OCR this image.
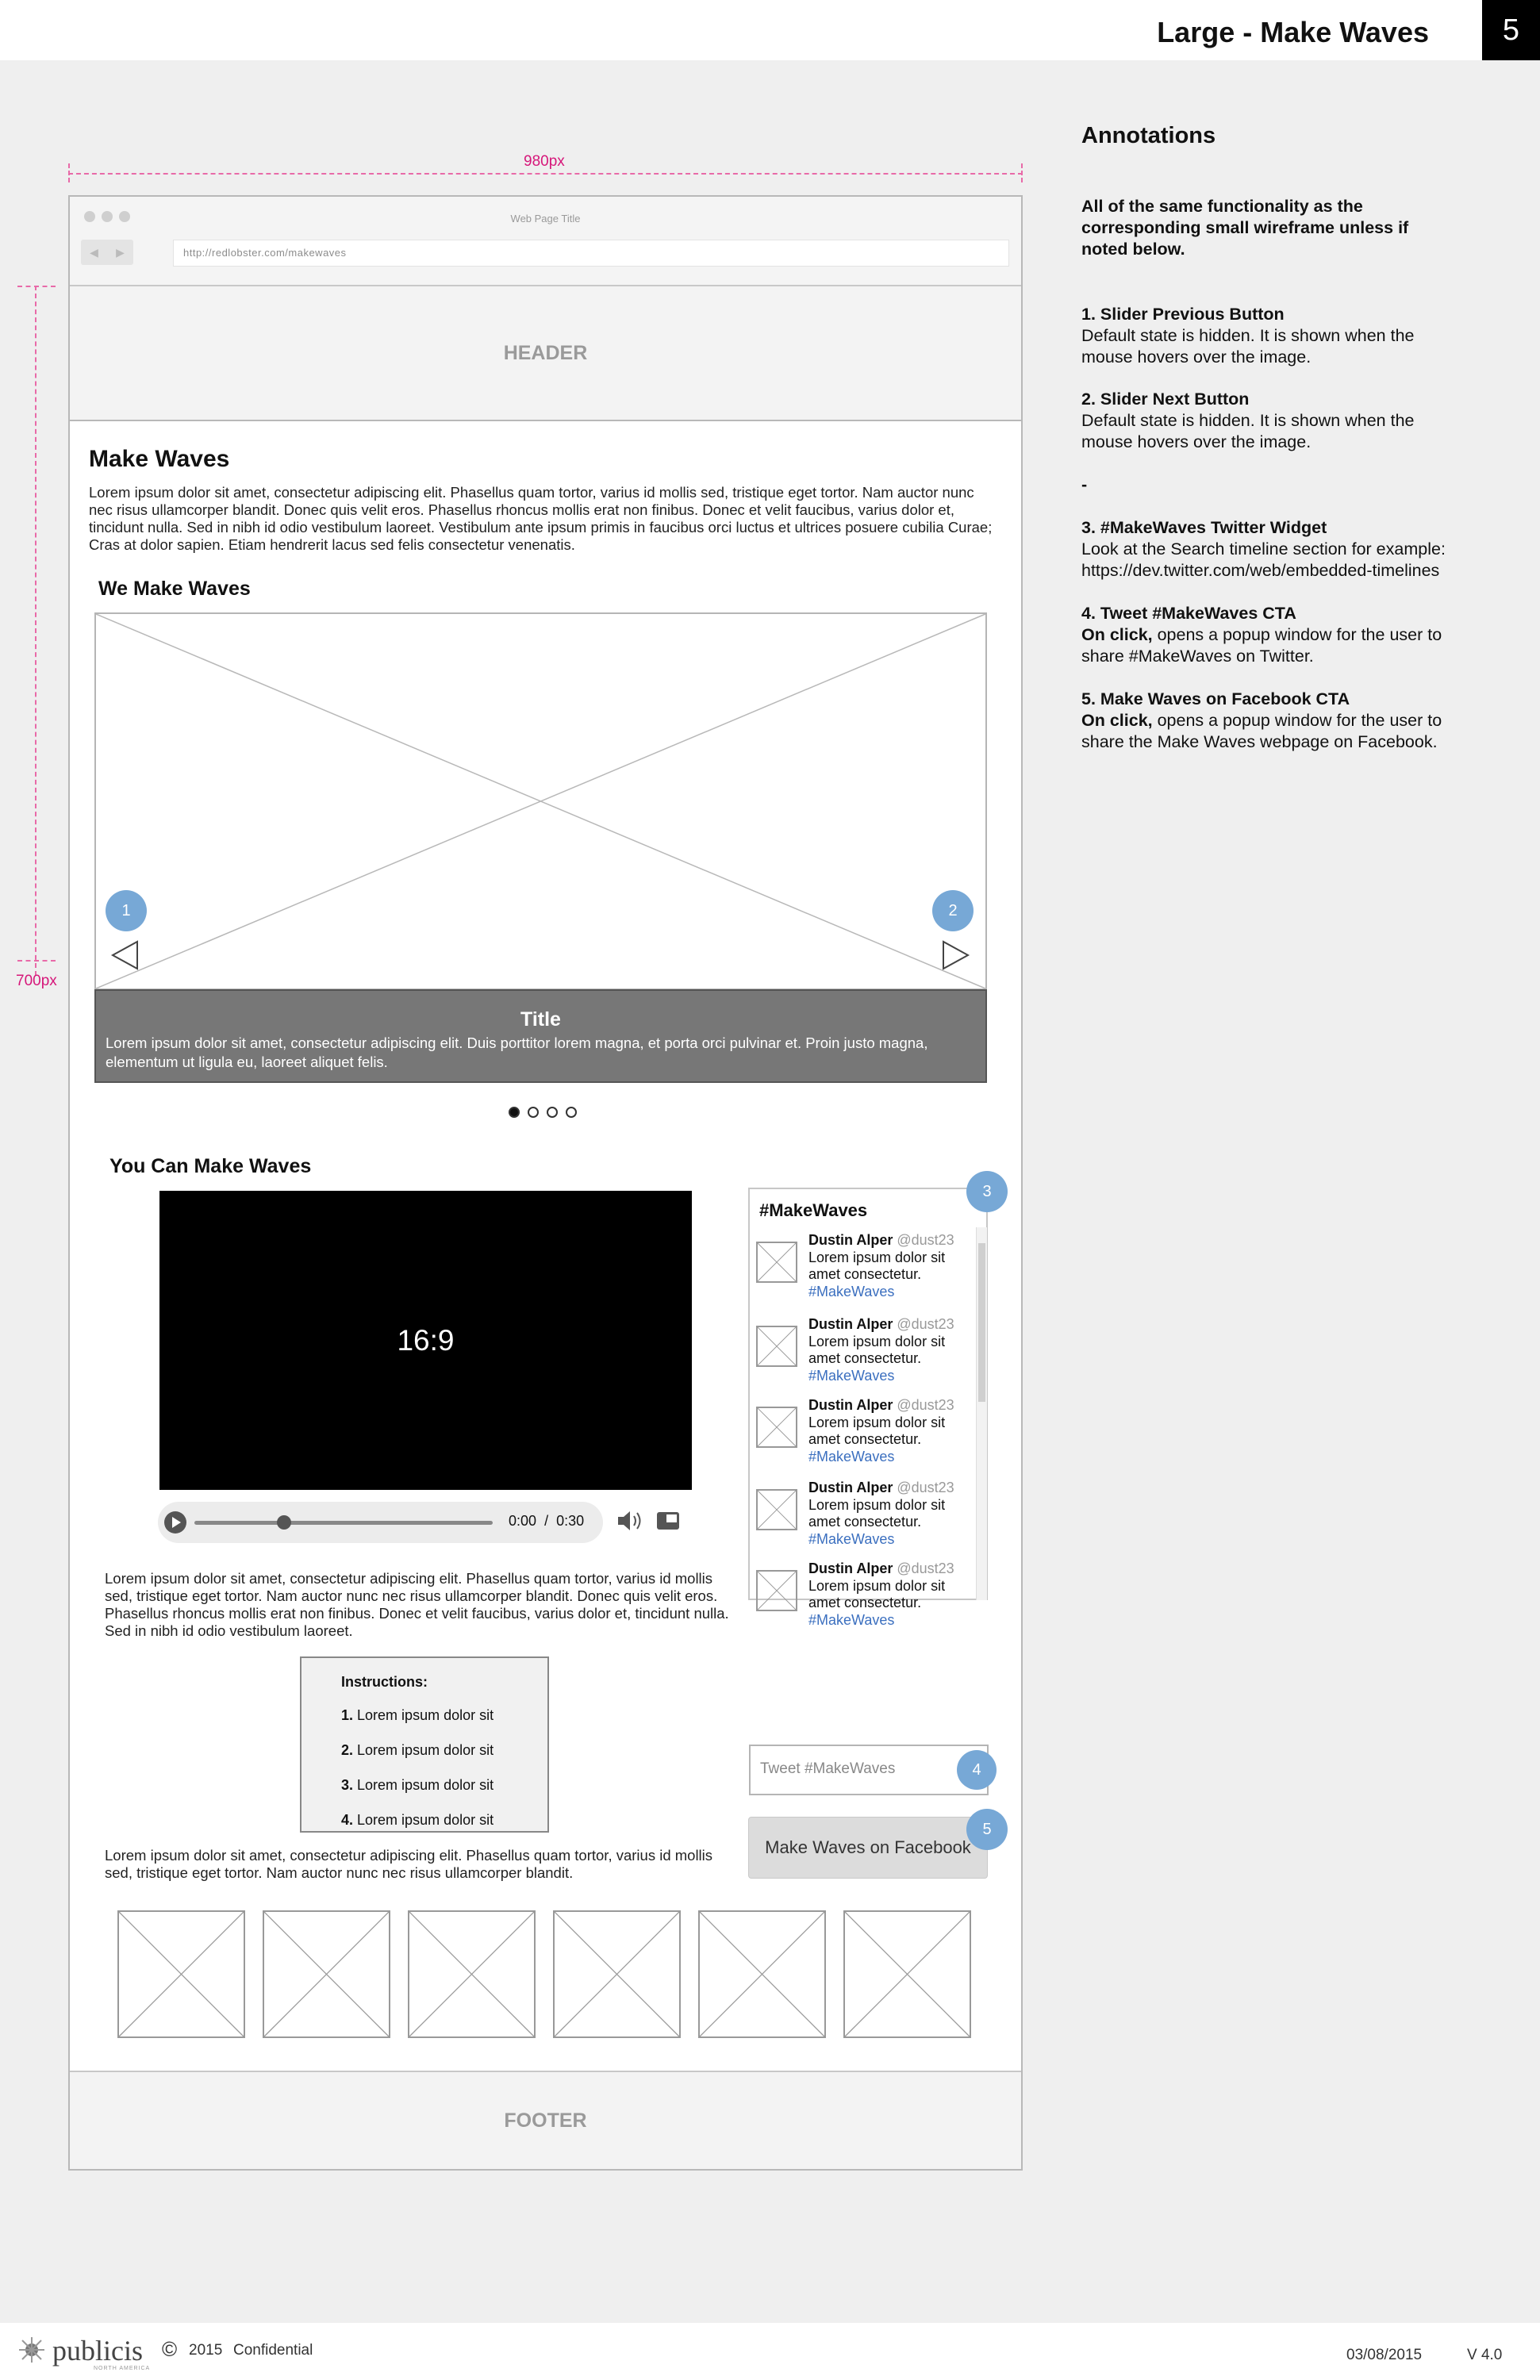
Large - Make Waves	5
980px
700px
Web Page Title
◀ ▶	http://redlobster.com/makewaves
HEADER
Make Waves

Lorem ipsum dolor sit amet, consectetur adipiscing elit. Phasellus quam tortor, varius id mollis sed, tristique eget tortor. Nam auctor nunc nec risus ullamcorper blandit. Donec quis velit eros. Phasellus rhoncus mollis erat non finibus. Donec et velit faucibus, varius dolor et, tincidunt nulla. Sed in nibh id odio vestibulum laoreet. Vestibulum ante ipsum primis in faucibus orci luctus et ultrices posuere cubilia Curae; Cras at dolor sapien. Etiam hendrerit lacus sed felis consectetur venenatis.

We Make Waves
1	2
Title
Lorem ipsum dolor sit amet, consectetur adipiscing elit. Duis porttitor lorem magna, et porta orci pulvinar et. Proin justo magna, elementum ut ligula eu, laoreet aliquet felis.
You Can Make Waves
16:9
0:00 / 0:30

Lorem ipsum dolor sit amet, consectetur adipiscing elit. Phasellus quam tortor, varius id mollis sed, tristique eget tortor. Nam auctor nunc nec risus ullamcorper blandit. Donec quis velit eros. Phasellus rhoncus mollis erat non finibus. Donec et velit faucibus, varius dolor et, tincidunt nulla. Sed in nibh id odio vestibulum laoreet.

Instructions:
1. Lorem ipsum dolor sit
2. Lorem ipsum dolor sit
3. Lorem ipsum dolor sit
4. Lorem ipsum dolor sit

Lorem ipsum dolor sit amet, consectetur adipiscing elit. Phasellus quam tortor, varius id mollis sed, tristique eget tortor. Nam auctor nunc nec risus ullamcorper blandit.

#MakeWaves
Dustin Alper @dust23
Lorem ipsum dolor sit
amet consectetur.
#MakeWaves
Dustin Alper @dust23
Lorem ipsum dolor sit
amet consectetur.
#MakeWaves
Dustin Alper @dust23
Lorem ipsum dolor sit
amet consectetur.
#MakeWaves
Dustin Alper @dust23
Lorem ipsum dolor sit
amet consectetur.
#MakeWaves
Dustin Alper @dust23
Lorem ipsum dolor sit
amet consectetur.
#MakeWaves
3
Tweet #MakeWaves	4
Make Waves on Facebook
5
FOOTER
Annotations
All of the same functionality as the corresponding small wireframe unless if noted below.
1. Slider Previous Button
Default state is hidden. It is shown when the
mouse hovers over the image.
2. Slider Next Button
Default state is hidden. It is shown when the
mouse hovers over the image.
-
3. #MakeWaves Twitter Widget
Look at the Search timeline section for example:
https://dev.twitter.com/web/embedded-timelines
4. Tweet #MakeWaves CTA
On click, opens a popup window for the user to
share #MakeWaves on Twitter.
5. Make Waves on Facebook CTA
On click, opens a popup window for the user to
share the Make Waves webpage on Facebook.
publicis
NORTH AMERICA
© 2015 Confidential	03/08/2015	V 4.0
